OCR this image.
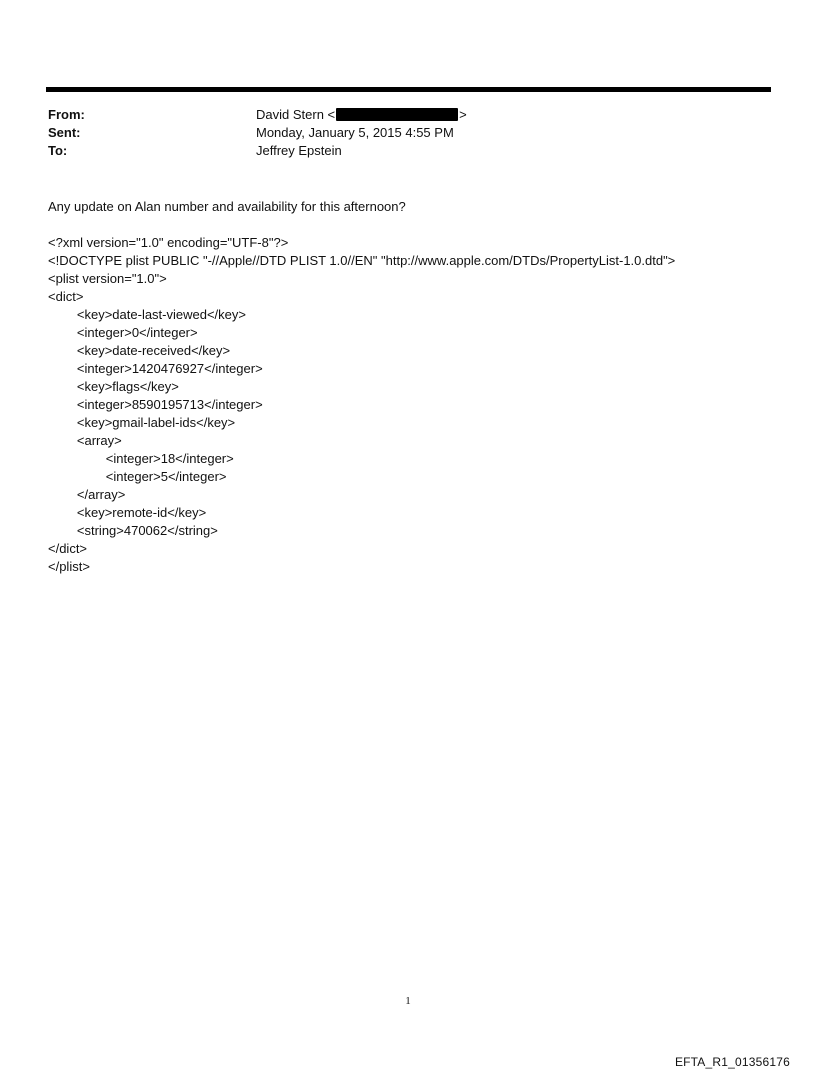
From:	David Stern <	>
Sent:	Monday, January 5, 2015 4:55 PM
To:	Jeffrey Epstein
Any update on Alan number and availability for this afternoon?
<?xml version="1.0" encoding="UTF-8"?>
<!DOCTYPE plist PUBLIC "-//Apple//DTD PLIST 1.0//EN" "http://www.apple.com/DTDs/PropertyList-1.0.dtd">
<plist version="1.0">
<dict>
<key>date-last-viewed</key>
<integer>0</integer>
<key>date-received</key>
<integer>1420476927</integer>
<key>flags</key>
<integer>8590195713</integer>
<key>gmail-label-ids</key>
<array>
<integer>18</integer>
<integer>5</integer>
</array>
<key>remote-id</key>
<string>470062</string>
</dict>
</plist>
1
EFTA_R1_01356176
